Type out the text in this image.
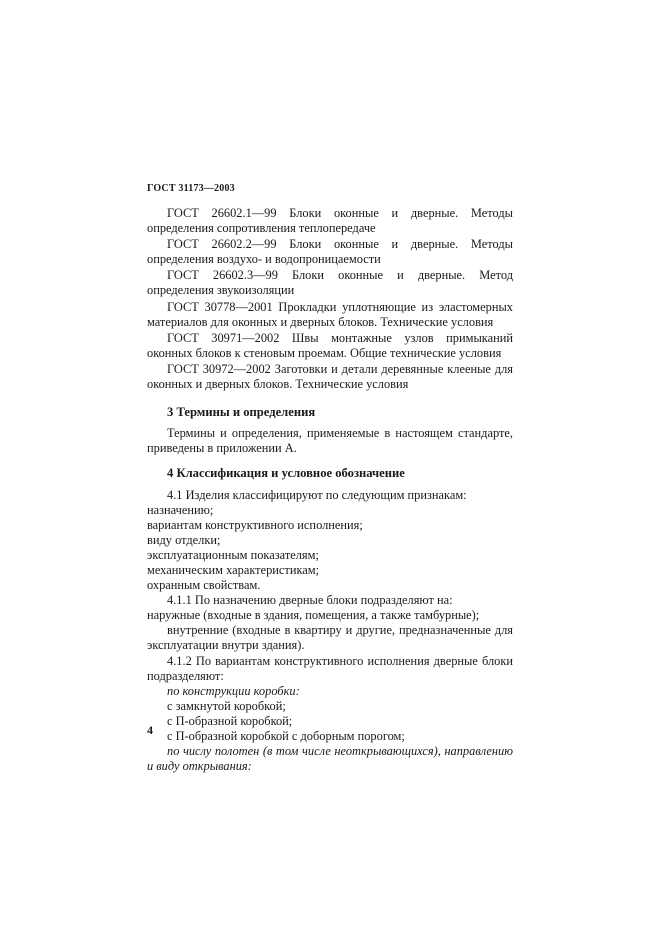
ГОСТ 31173—2003

ГОСТ 26602.1—99 Блоки оконные и дверные. Методы определения сопротивления теплопередаче

ГОСТ 26602.2—99 Блоки оконные и дверные. Методы определения воздухо- и водопроницаемости

ГОСТ 26602.3—99 Блоки оконные и дверные. Метод определения звукоизоляции

ГОСТ 30778—2001 Прокладки уплотняющие из эластомерных материалов для оконных и дверных блоков. Технические условия

ГОСТ 30971—2002 Швы монтажные узлов примыканий оконных блоков к стеновым проемам. Общие технические условия

ГОСТ 30972—2002 Заготовки и детали деревянные клееные для оконных и дверных блоков. Технические условия

3 Термины и определения

Термины и определения, применяемые в настоящем стандарте, приведены в приложении А.

4 Классификация и условное обозначение

4.1 Изделия классифицируют по следующим признакам:

назначению;

вариантам конструктивного исполнения;

виду отделки;

эксплуатационным показателям;

механическим характеристикам;

охранным свойствам.

4.1.1 По назначению дверные блоки подразделяют на:

наружные (входные в здания, помещения, а также тамбурные);

внутренние (входные в квартиру и другие, предназначенные для эксплуатации внутри здания).

4.1.2 По вариантам конструктивного исполнения дверные блоки подразделяют:

по конструкции коробки:

с замкнутой коробкой;

с П-образной коробкой;

с П-образной коробкой с доборным порогом;

по числу полотен (в том числе неоткрывающихся), направлению и виду открывания:

4
